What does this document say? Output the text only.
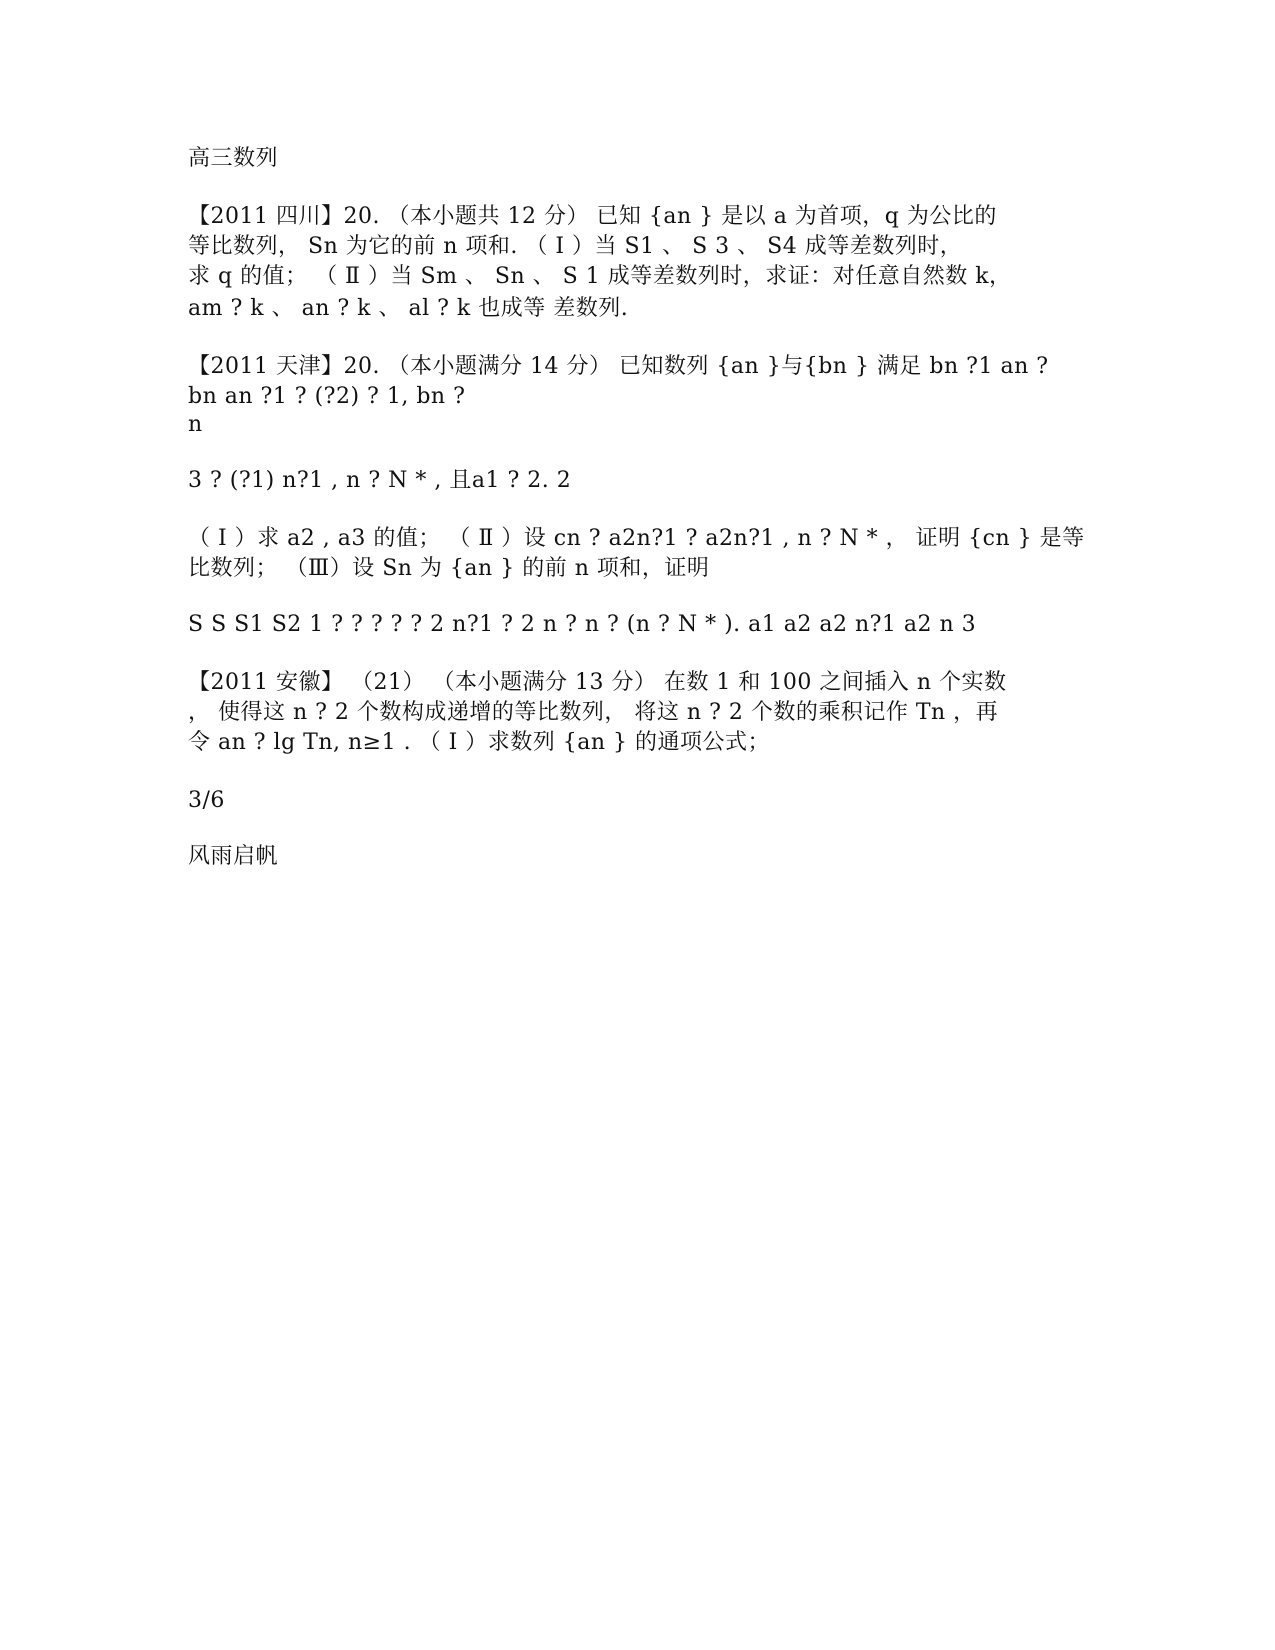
高三数列
【2011 四川】20. （本小题共 12 分） 已知 {an } 是以 a 为首项，q 为公比的
等比数列， Sn 为它的前 n 项和. （ Ⅰ ）当 S1 、 S 3 、 S4 成等差数列时，
求 q 的值； （ Ⅱ ）当 Sm 、 Sn 、 S 1 成等差数列时，求证：对任意自然数 k，
am ? k 、 an ? k 、 al ? k 也成等 差数列.
【2011 天津】20. （本小题满分 14 分） 已知数列 {an }与{bn } 满足 bn ?1 an ?
bn an ?1 ? (?2) ? 1, bn ?
n
3 ? (?1) n?1 , n ? N * , 且a1 ? 2. 2
（ Ⅰ ）求 a2 , a3 的值； （ Ⅱ ）设 cn ? a2n?1 ? a2n?1 , n ? N * ， 证明 {cn } 是等
比数列； （Ⅲ）设 Sn 为 {an } 的前 n 项和，证明
S S S1 S2 1 ? ? ? ? ? 2 n?1 ? 2 n ? n ? (n ? N * ). a1 a2 a2 n?1 a2 n 3
【2011 安徽】 （21） （本小题满分 13 分） 在数 1 和 100 之间插入 n 个实数
， 使得这 n ? 2 个数构成递增的等比数列， 将这 n ? 2 个数的乘积记作 Tn ，再
令 an ? lg Tn, n≥1 . （ Ⅰ ）求数列 {an } 的通项公式；
3/6
风雨启帆
